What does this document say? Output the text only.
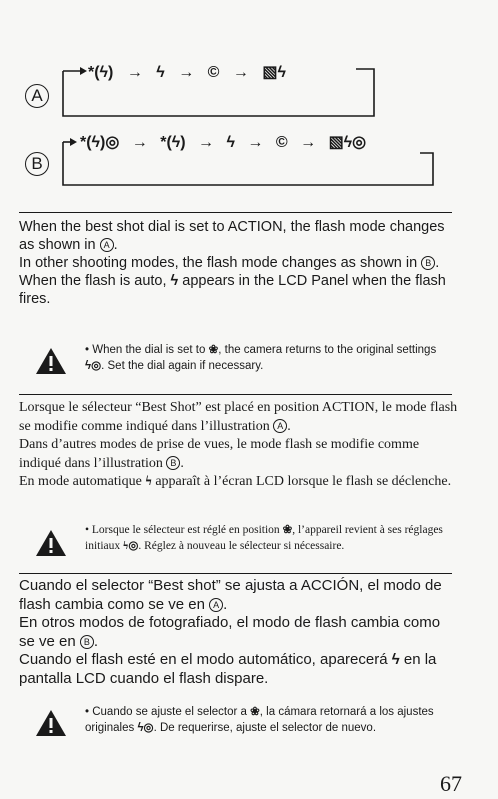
A
*(ϟ) → ϟ → © → ▧ϟ
B
*(ϟ)◎ → *(ϟ) → ϟ → © → ▧ϟ◎
When the best shot dial is set to ACTION, the flash mode changes as shown in A .
In other shooting modes, the flash mode changes as shown in B .
When the flash is auto, ϟ appears in the LCD Panel when the flash fires.
• When the dial is set to ❀, the camera returns to the original settings ϟ◎. Set the dial again if necessary.
Lorsque le sélecteur “Best Shot” est placé en position ACTION, le mode flash se modifie comme indiqué dans l’illustration A .
Dans d’autres modes de prise de vues, le mode flash se modifie comme indiqué dans l’illustration B .
En mode automatique ϟ apparaît à l’écran LCD lorsque le flash se déclenche.
• Lorsque le sélecteur est réglé en position ❀, l’appareil revient à ses réglages initiaux ϟ◎. Réglez à nouveau le sélecteur si nécessaire.
Cuando el selector “Best shot” se ajusta a ACCIÓN, el modo de flash cambia como se ve en A .
En otros modos de fotografiado, el modo de flash cambia como se ve en B .
Cuando el flash esté en el modo automático, aparecerá ϟ en la pantalla LCD cuando el flash dispare.
• Cuando se ajuste el selector a ❀, la cámara retornará a los ajustes originales ϟ◎. De requerirse, ajuste el selector de nuevo.
67
